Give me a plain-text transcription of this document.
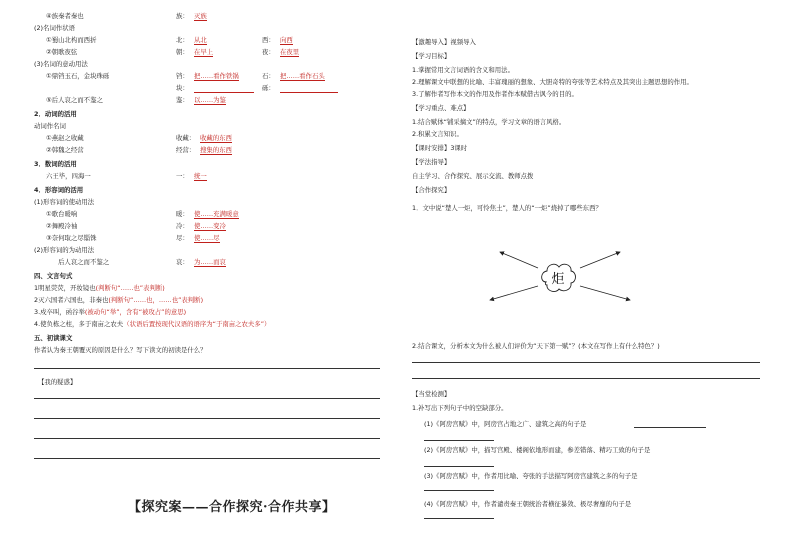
④族秦者秦也	族： 灭族
(2)名词作状语
①蜀山北构而西折	北： 从北	西： 向西
②朝歌夜弦	朝： 在早上	夜： 在夜里
(3)名词的意动用法
①鼎铛玉石，金块珠砾	铛： 把……看作铁锅	石： 把……看作石头
块：	砾：
⑤后人哀之而不鉴之	鉴： 以……为鉴
2．动词的活用
动词作名词
①燕赵之收藏	收藏： 收藏的东西
②韩魏之经营	经营： 搜集的东西
3．数词的活用
六王毕，四海一	一： 统一
4．形容词的活用
(1)形容词的使动用法
①歌台暖响	暖： 使……充满暖意
②舞殿冷袖	冷： 使……变冷
③奈何取之尽锱铢	尽： 使……尽
(2)形容词的为动用法
后人哀之而不鉴之	哀： 为……而哀
四、文言句式
1明星荧荧，开妆镜也(判断句“……也”表判断)
2灭六国者六国也，非秦也(判断句“……也，……也”表判断)
3.戍卒叫，函谷举(被动句“举”，含有“被攻占”的意思)
4.使负栋之柱，多于南亩之农夫（状语后置按现代汉语的语序为“于南亩之农夫多”）
五、初读课文
作者认为秦王朝覆灭的原因是什么？写下读文的初读是什么？
【我的疑惑】
【探究案——合作探究·合作共享】
【激趣导入】视频导入
【学习目标】
1.掌握常用文言词语的含义和用法。
2.理解课文中联想的比喻、丰富瑰丽的想象、大胆奇特的夸张等艺术特点及其突出主题思想的作用。
3.了解作者写作本文的作用及作者作本赋借古讽今的目的。
【学习重点、难点】
1.结合赋体“铺采摛文”的特点，学习文章的语言风格。
2.积累文言知识。
【课时安排】3课时
【学法指导】
自主学习、合作探究、展示交流、教师点拨
【合作探究】
1．文中说“楚人一炬，可怜焦土”，楚人的“一炬”烧掉了哪些东西？
炬
2.结合课文，分析本文为什么被人们评价为“天下第一赋”？(本文在写作上有什么特色？)
【当堂检测】
1.补写出下列句子中的空缺部分。
(1)《阿房宫赋》中，阿房宫占地之广、建筑之高的句子是
(2)《阿房宫赋》中，描写宫殿、楼阁依地形而建，参差错落、精巧工致的句子是
(3)《阿房宫赋》中，作者用比喻、夸张的手法描写阿房宫建筑之多的句子是
(4)《阿房宫赋》中，作者谴责秦王朝统治者横征暴敛、极尽奢靡的句子是
